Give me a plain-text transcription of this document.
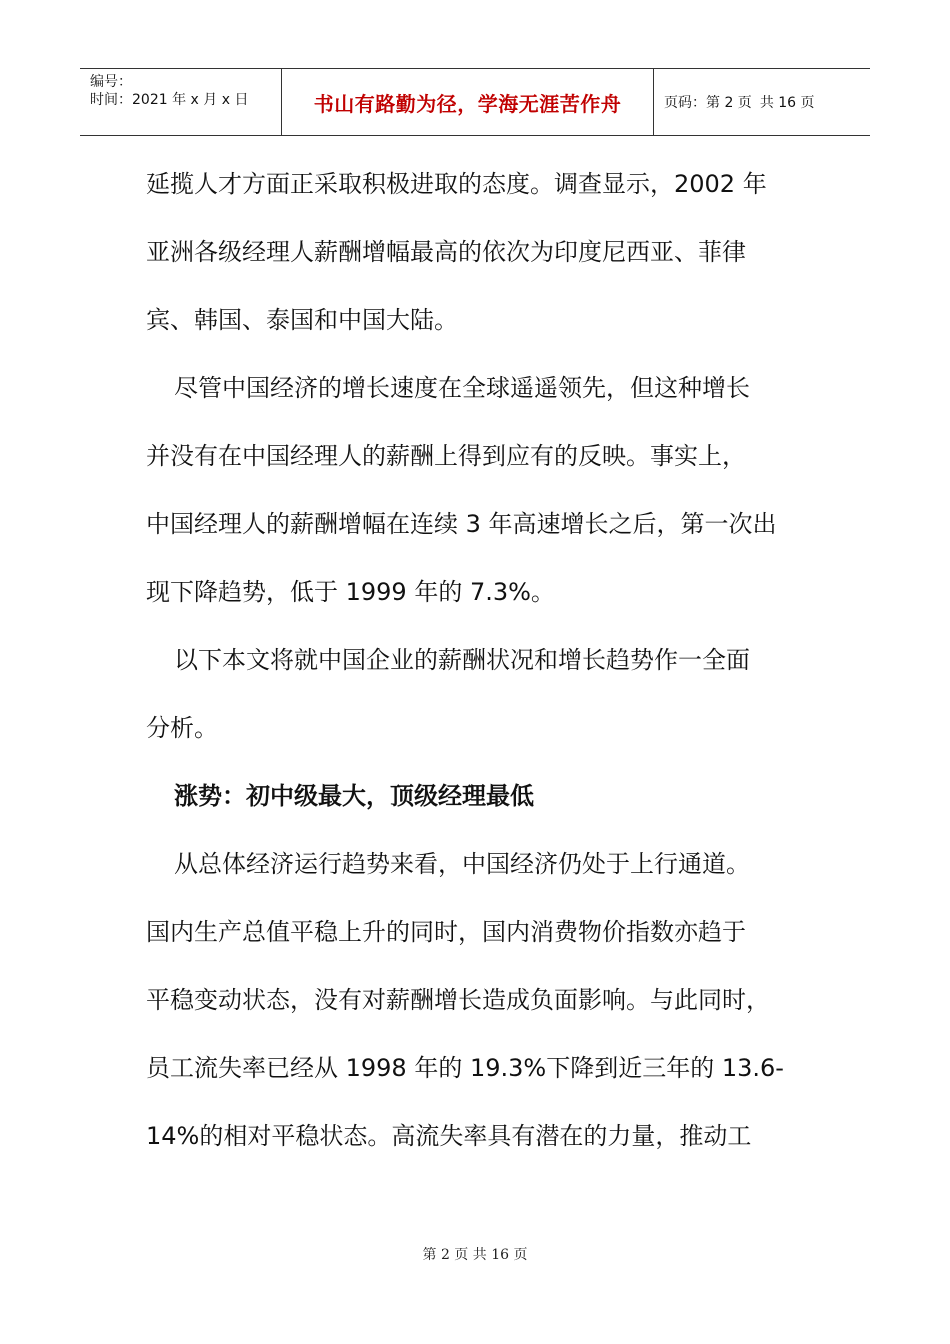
编号：
时间：2021 年 x 月 x 日	书山有路勤为径，学海无涯苦作舟	页码：第 2 页 共 16 页
延揽人才方面正采取积极进取的态度。调查显示，2002 年
亚洲各级经理人薪酬增幅最高的依次为印度尼西亚、菲律
宾、韩国、泰国和中国大陆。
尽管中国经济的增长速度在全球遥遥领先，但这种增长
并没有在中国经理人的薪酬上得到应有的反映。事实上，
中国经理人的薪酬增幅在连续 3 年高速增长之后，第一次出
现下降趋势，低于 1999 年的 7.3%。
以下本文将就中国企业的薪酬状况和增长趋势作一全面
分析。
涨势：初中级最大，顶级经理最低
从总体经济运行趋势来看，中国经济仍处于上行通道。
国内生产总值平稳上升的同时，国内消费物价指数亦趋于
平稳变动状态，没有对薪酬增长造成负面影响。与此同时，
员工流失率已经从 1998 年的 19.3%下降到近三年的 13.6-
14%的相对平稳状态。高流失率具有潜在的力量，推动工
第 2 页 共 16 页
